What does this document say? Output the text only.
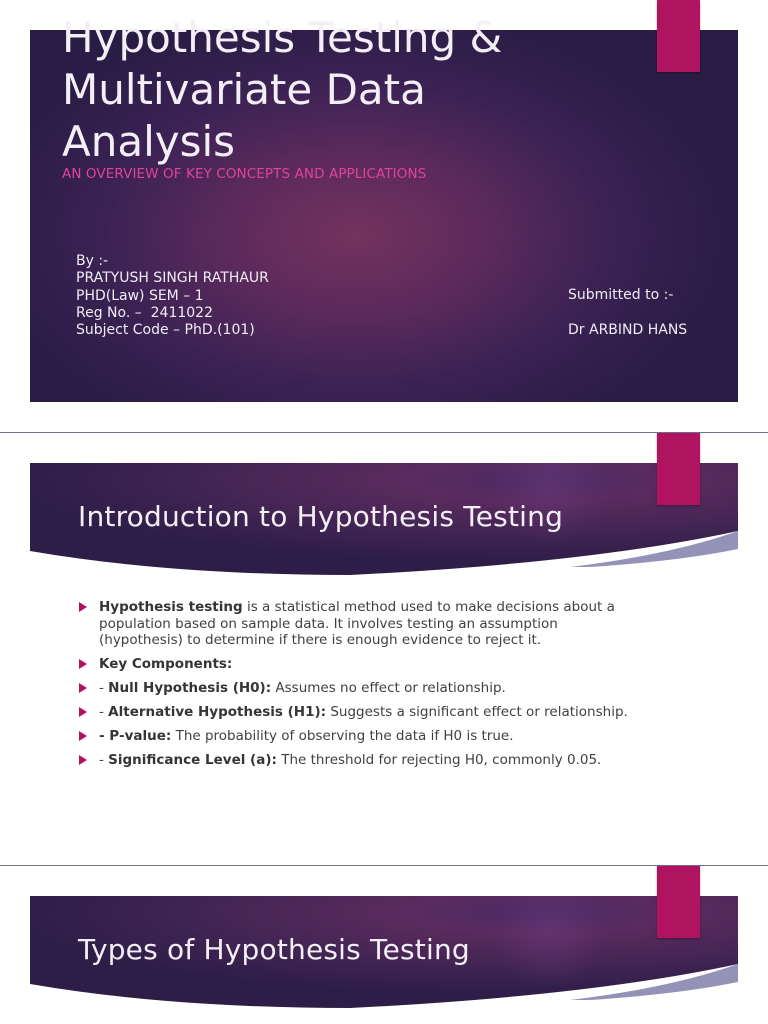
Hypothesis Testing & Multivariate Data Analysis

AN OVERVIEW OF KEY CONCEPTS AND APPLICATIONS

By :-
PRATYUSH SINGH RATHAUR
PHD(Law) SEM – 1
Reg No. –  2411022
Subject Code – PhD.(101)
Submitted to :-

Dr ARBIND HANS
Introduction to Hypothesis Testing
Hypothesis testing is a statistical method used to make decisions about a population based on sample data. It involves testing an assumption (hypothesis) to determine if there is enough evidence to reject it.
Key Components:
- Null Hypothesis (H0): Assumes no effect or relationship.
- Alternative Hypothesis (H1): Suggests a significant effect or relationship.
- P-value: The probability of observing the data if H0 is true.
- Significance Level (a): The threshold for rejecting H0, commonly 0.05.
Types of Hypothesis Testing
